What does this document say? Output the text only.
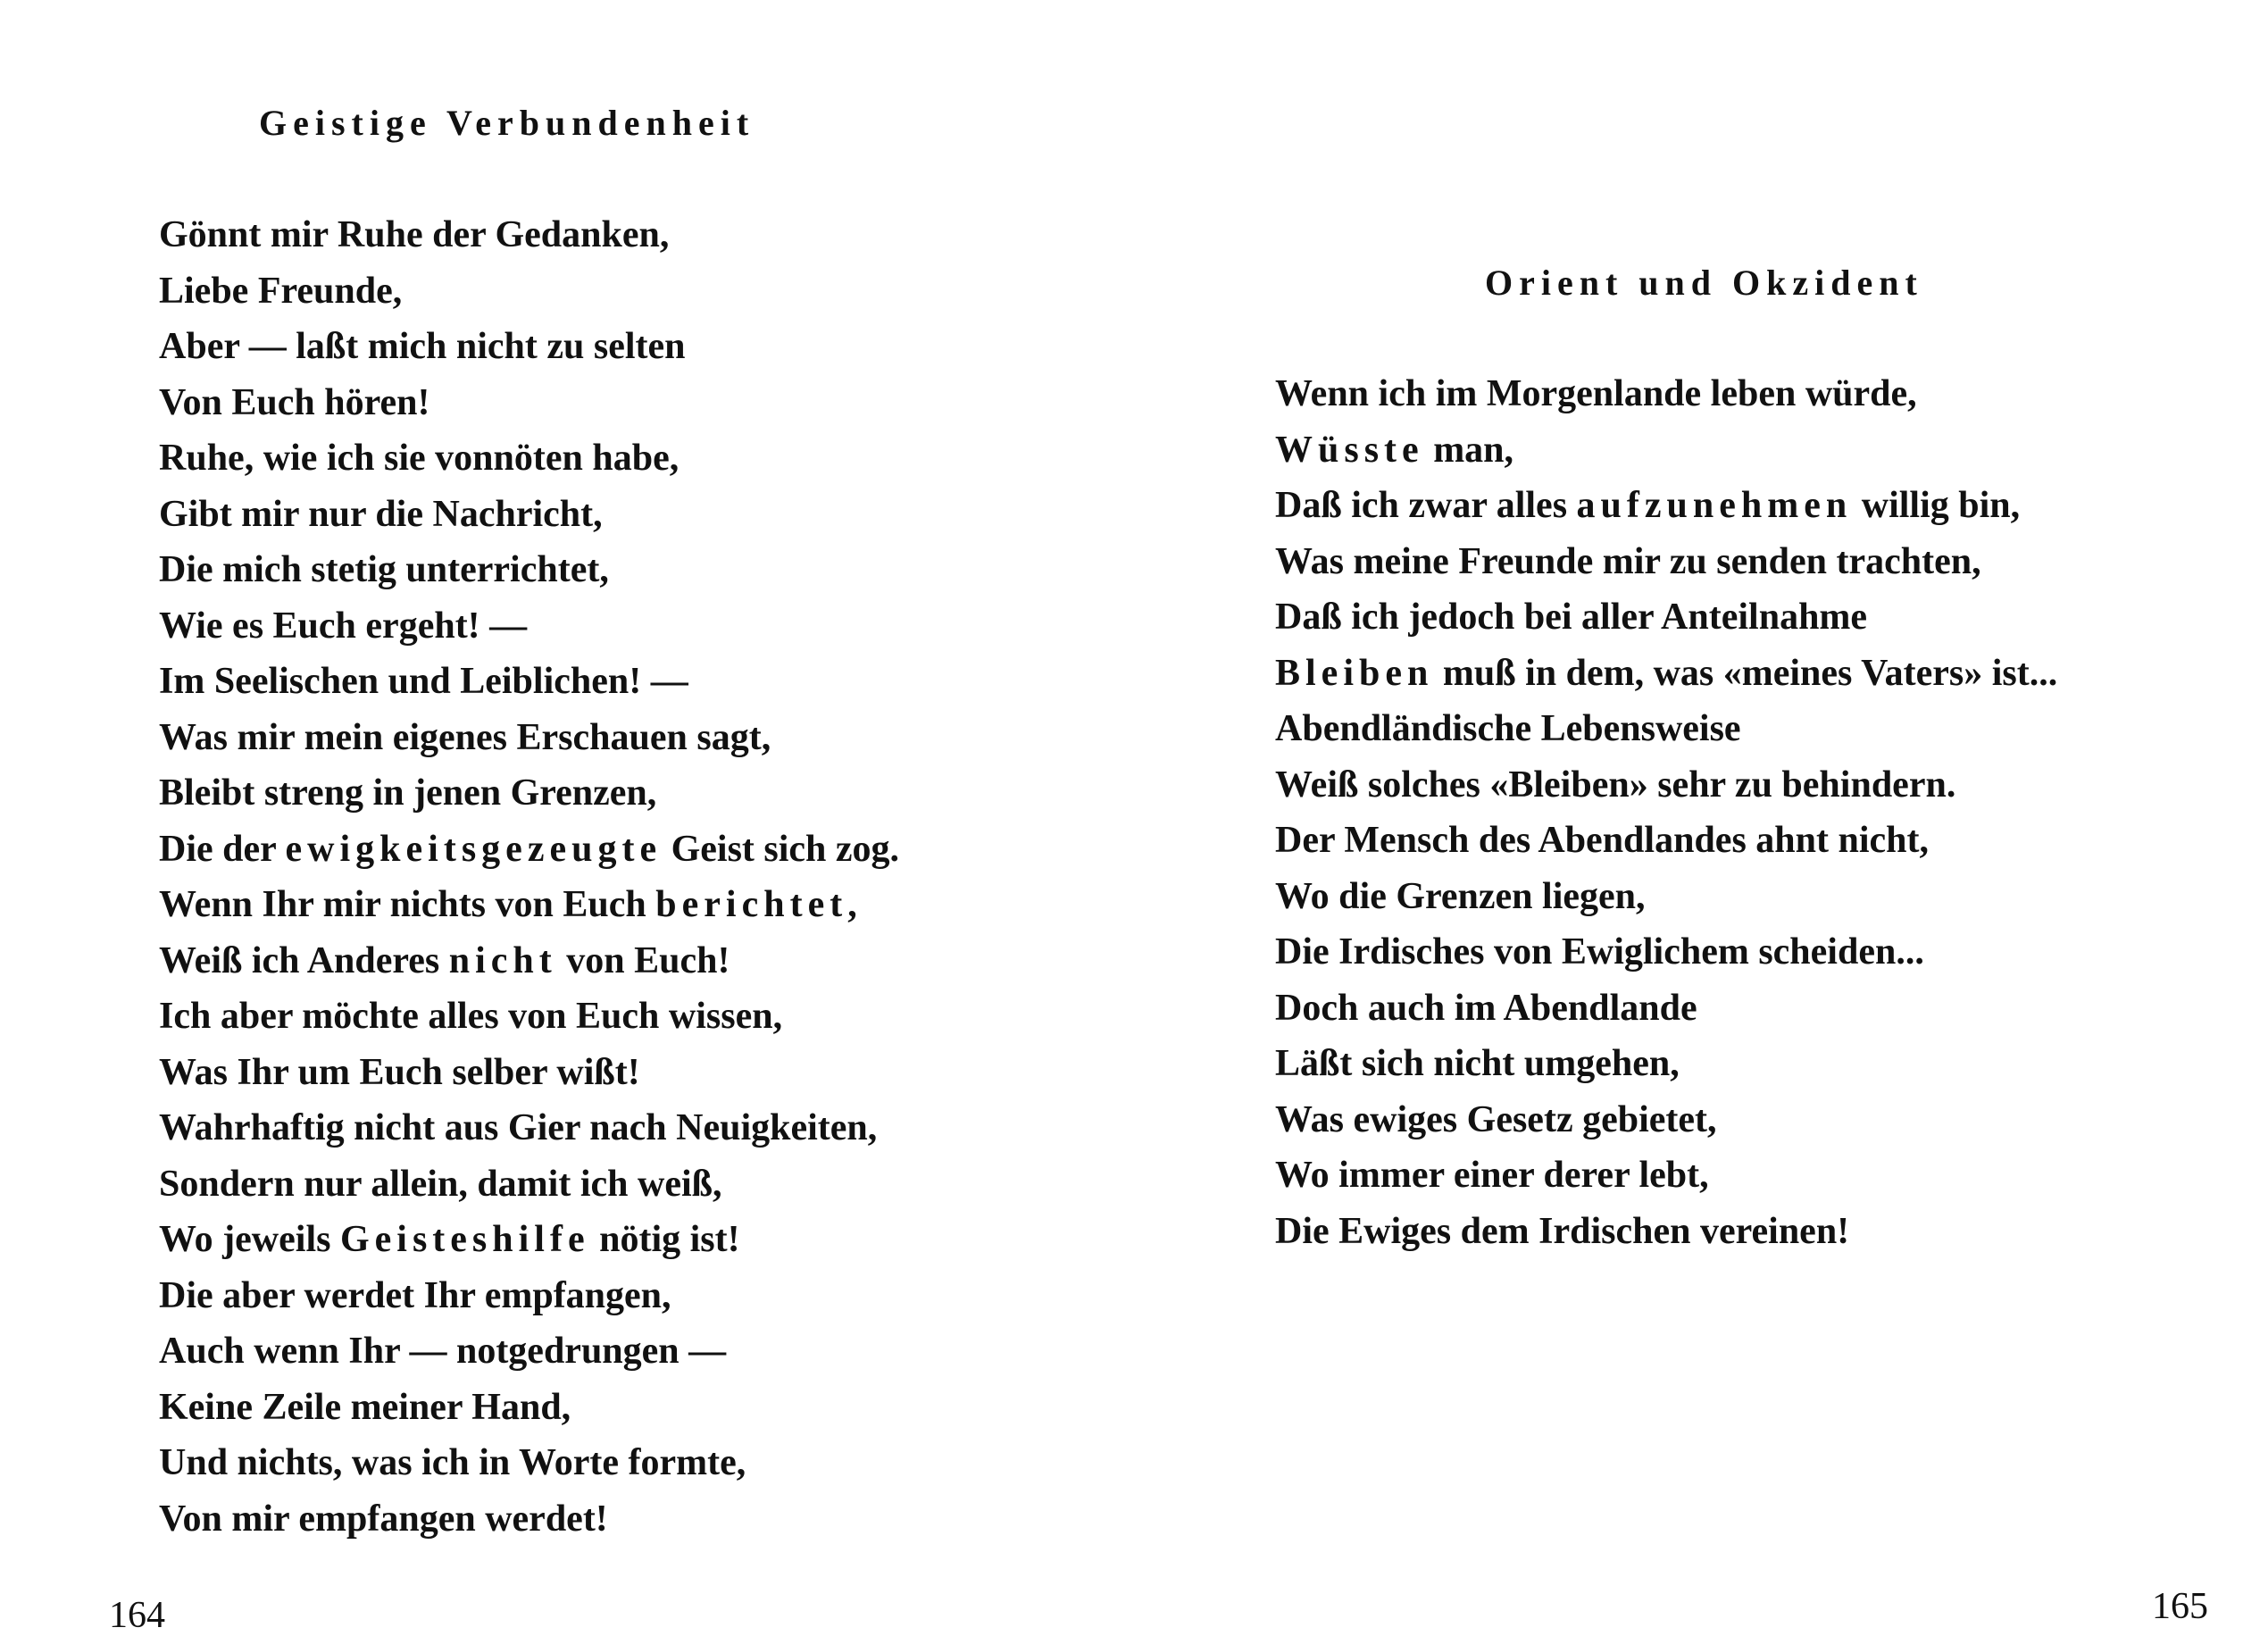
Geistige Verbundenheit
Gönnt mir Ruhe der Gedanken,
Liebe Freunde,
Aber — laßt mich nicht zu selten
Von Euch hören!
Ruhe, wie ich sie vonnöten habe,
Gibt mir nur die Nachricht,
Die mich stetig unterrichtet,
Wie es Euch ergeht! —
Im Seelischen und Leiblichen! —
Was mir mein eigenes Erschauen sagt,
Bleibt streng in jenen Grenzen,
Die der ewigkeitsgezeugte Geist sich zog.
Wenn Ihr mir nichts von Euch berichtet,
Weiß ich Anderes nicht von Euch!
Ich aber möchte alles von Euch wissen,
Was Ihr um Euch selber wißt!
Wahrhaftig nicht aus Gier nach Neuigkeiten,
Sondern nur allein, damit ich weiß,
Wo jeweils Geisteshilfe nötig ist!
Die aber werdet Ihr empfangen,
Auch wenn Ihr — notgedrungen —
Keine Zeile meiner Hand,
Und nichts, was ich in Worte formte,
Von mir empfangen werdet!
164
Orient und Okzident
Wenn ich im Morgenlande leben würde,
Wüsste man,
Daß ich zwar alles aufzunehmen willig bin,
Was meine Freunde mir zu senden trachten,
Daß ich jedoch bei aller Anteilnahme
Bleiben muß in dem, was «meines Vaters» ist...
Abendländische Lebensweise
Weiß solches «Bleiben» sehr zu behindern.
Der Mensch des Abendlandes ahnt nicht,
Wo die Grenzen liegen,
Die Irdisches von Ewiglichem scheiden...
Doch auch im Abendlande
Läßt sich nicht umgehen,
Was ewiges Gesetz gebietet,
Wo immer einer derer lebt,
Die Ewiges dem Irdischen vereinen!
165
